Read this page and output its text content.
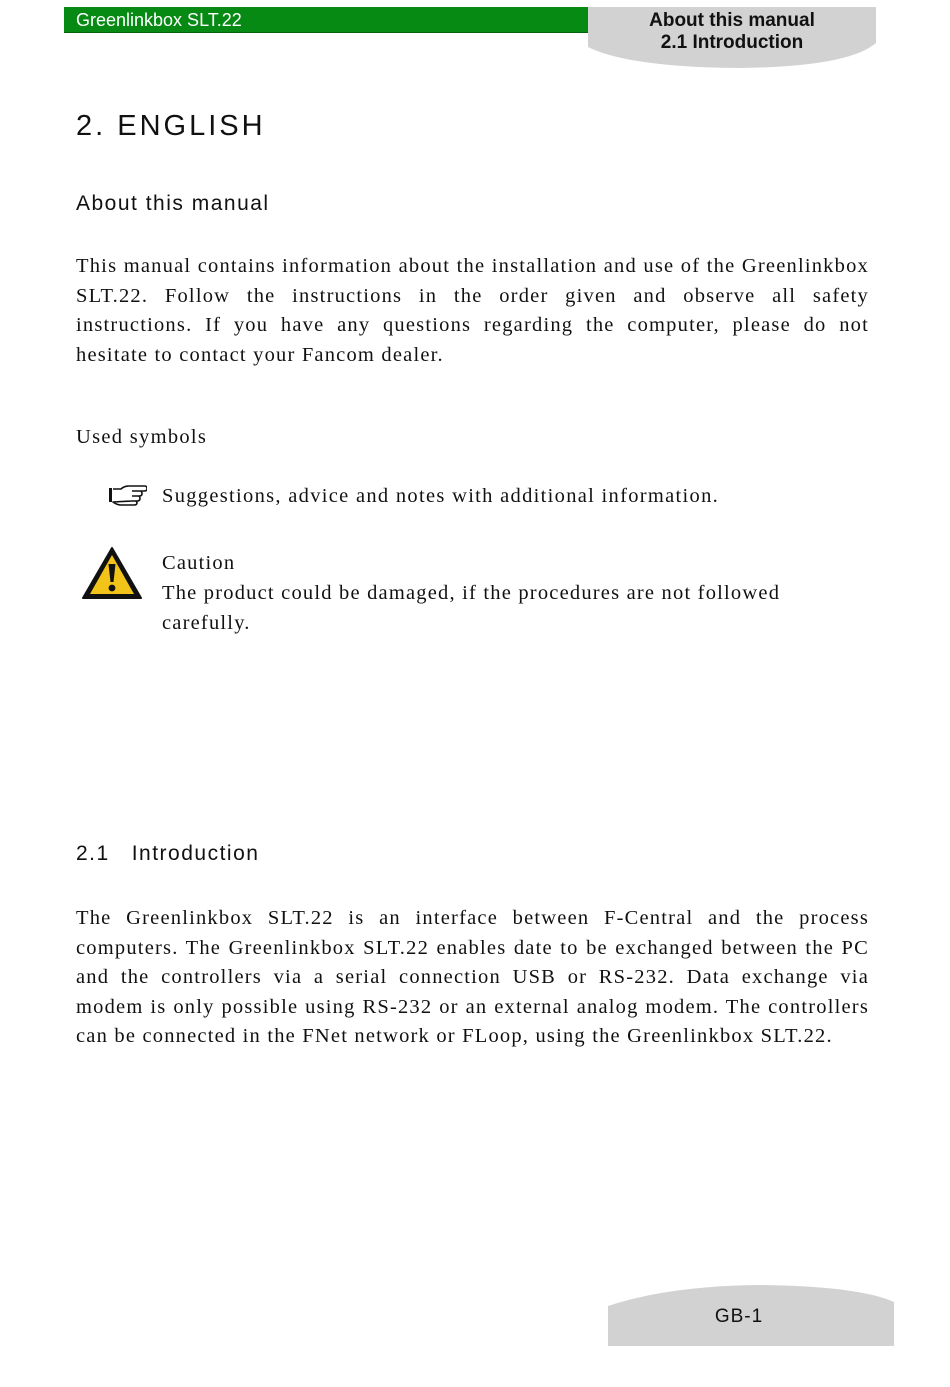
Greenlinkbox SLT.22	About this manual
2.1 Introduction
2. ENGLISH
About this manual

This manual contains information about the installation and use of the Greenlinkbox SLT.22. Follow the instructions in the order given and observe all safety instructions. If you have any questions regarding the computer, please do not hesitate to contact your Fancom dealer.

Used symbols
Suggestions, advice and notes with additional information.
Caution
The product could be damaged, if the procedures are not followed carefully.
2.1   Introduction

The Greenlinkbox SLT.22 is an interface between F-Central and the process computers. The Greenlinkbox SLT.22 enables date to be exchanged between the PC and the controllers via a serial connection USB or RS-232. Data exchange via modem is only possible using RS-232 or an external analog modem. The controllers can be connected in the FNet network or FLoop, using the Greenlinkbox SLT.22.

GB-1
